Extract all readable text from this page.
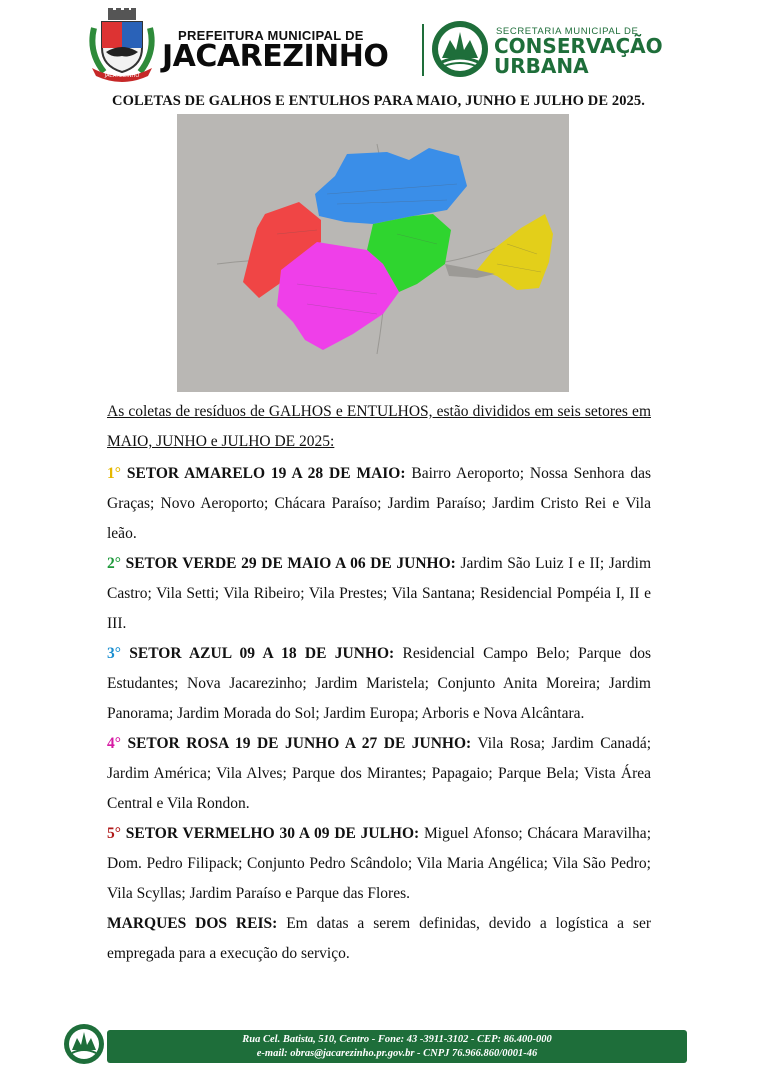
JACAREZINHO
PREFEITURA MUNICIPAL DE
JACAREZINHO
SECRETARIA MUNICIPAL DE
CONSERVAÇÃO
URBANA
COLETAS DE GALHOS E ENTULHOS PARA MAIO, JUNHO E JULHO DE 2025.

As coletas de resíduos de GALHOS e ENTULHOS, estão divididos em seis setores em MAIO, JUNHO e JULHO DE 2025:

1° SETOR AMARELO 19 A 28 DE MAIO: Bairro Aeroporto; Nossa Senhora das Graças; Novo Aeroporto; Chácara Paraíso; Jardim Paraíso; Jardim Cristo Rei e Vila leão.

2° SETOR VERDE 29 DE MAIO A 06 DE JUNHO: Jardim São Luiz I e II; Jardim Castro; Vila Setti; Vila Ribeiro; Vila Prestes; Vila Santana; Residencial Pompéia I, II e III.

3° SETOR AZUL 09 A 18 DE JUNHO: Residencial Campo Belo; Parque dos Estudantes; Nova Jacarezinho; Jardim Maristela; Conjunto Anita Moreira; Jardim Panorama; Jardim Morada do Sol; Jardim Europa; Arboris e Nova Alcântara.

4° SETOR ROSA 19 DE JUNHO A 27 DE JUNHO: Vila Rosa; Jardim Canadá; Jardim América; Vila Alves; Parque dos Mirantes; Papagaio; Parque Bela; Vista Área Central e Vila Rondon.

5° SETOR VERMELHO 30 A 09 DE JULHO: Miguel Afonso; Chácara Maravilha; Dom. Pedro Filipack; Conjunto Pedro Scândolo; Vila Maria Angélica; Vila São Pedro; Vila Scyllas; Jardim Paraíso e Parque das Flores.

MARQUES DOS REIS: Em datas a serem definidas, devido a logística a ser empregada para a execução do serviço.

Rua Cel. Batista, 510, Centro - Fone: 43 -3911-3102 - CEP: 86.400-000
e-mail: obras@jacarezinho.pr.gov.br - CNPJ 76.966.860/0001-46
